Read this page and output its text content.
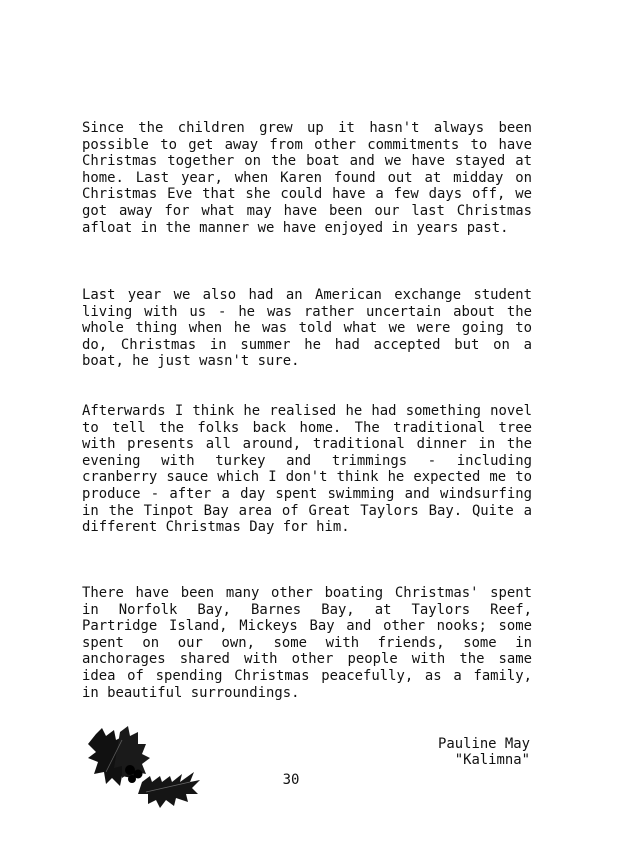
Since the children grew up it hasn't always been possible to get away from other commitments to have Christmas together on the boat and we have stayed at home. Last year, when Karen found out at midday on Christmas Eve that she could have a few days off, we got away for what may have been our last Christmas afloat in the manner we have enjoyed in years past.

Last year we also had an American exchange student living with us - he was rather uncertain about the whole thing when he was told what we were going to do, Christmas in summer he had accepted but on a boat, he just wasn't sure.

Afterwards I think he realised he had something novel to tell the folks back home. The traditional tree with presents all around, traditional dinner in the evening with turkey and trimmings - including cranberry sauce which I don't think he expected me to produce - after a day spent swimming and windsurfing in the Tinpot Bay area of Great Taylors Bay. Quite a different Christmas Day for him.

There have been many other boating Christmas' spent in Norfolk Bay, Barnes Bay, at Taylors Reef, Partridge Island, Mickeys Bay and other nooks; some spent on our own, some with friends, some in anchorages shared with other people with the same idea of spending Christmas peacefully, as a family, in beautiful surroundings.

Pauline May
"Kalimna"
30
